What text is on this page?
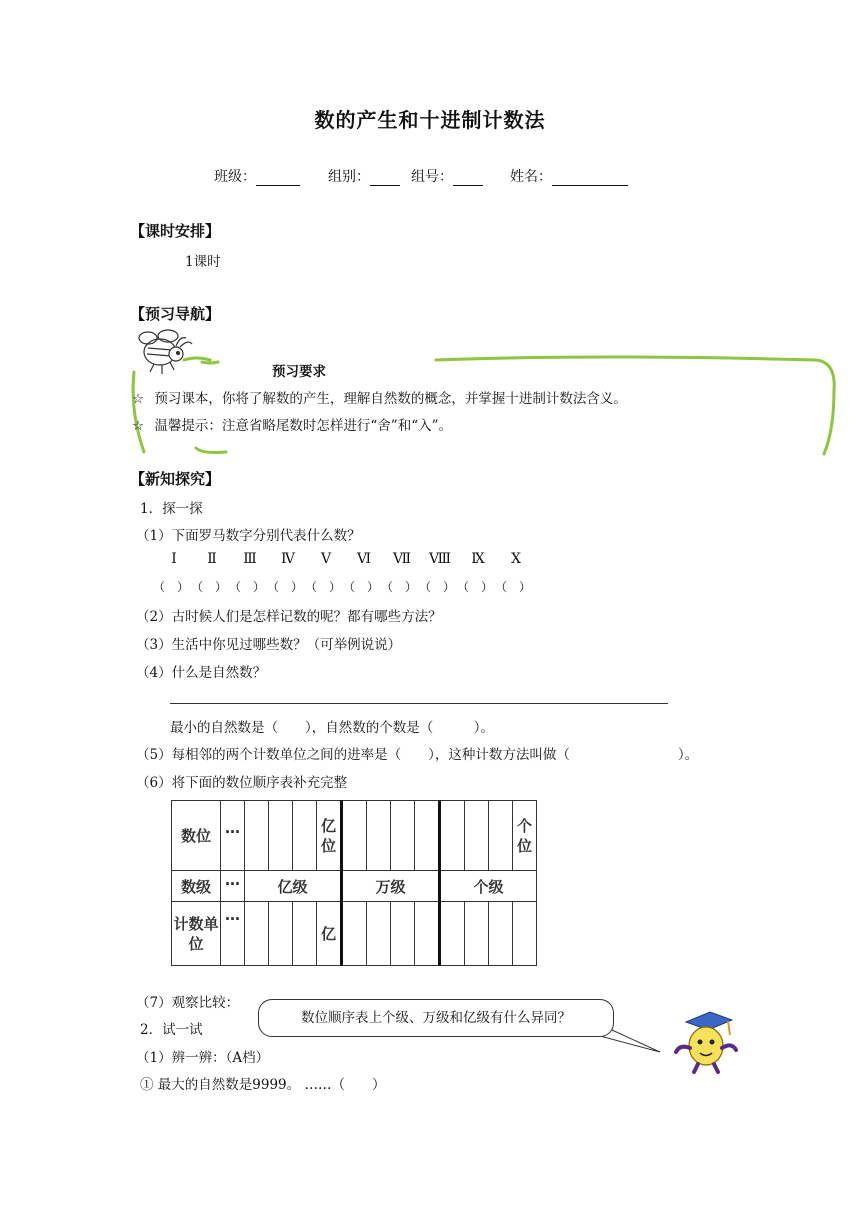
数的产生和十进制计数法
班级：	组别：	组号：	姓名：
【课时安排】
1课时
【预习导航】
预习要求
☆ 预习课本，你将了解数的产生，理解自然数的概念，并掌握十进制计数法含义。
☆ 温馨提示：注意省略尾数时怎样进行“舍”和“入”。
【新知探究】
1．探一探
（1）下面罗马数字分别代表什么数？
Ⅰ Ⅱ Ⅲ Ⅳ Ⅴ Ⅵ Ⅶ Ⅷ Ⅸ Ⅹ
（　） （　） （　） （　） （　） （　） （　） （　） （　） （　）
（2）古时候人们是怎样记数的呢？都有哪些方法？
（3）生活中你见过哪些数？（可举例说说）
（4）什么是自然数？
最小的自然数是（　　），自然数的个数是（　　　）。
（5）每相邻的两个计数单位之间的进率是（　　），这种计数方法叫做（　　　　　　　　）。
（6）将下面的数位顺序表补充完整
数位	…				亿位								个位
数级	…	亿级				万级				个级			
计数单位	…				亿								
（7）观察比较：
2．试一试
（1）辨一辨：（A档）
① 最大的自然数是9999。 ……（　　）
数位顺序表上个级、万级和亿级有什么异同？
